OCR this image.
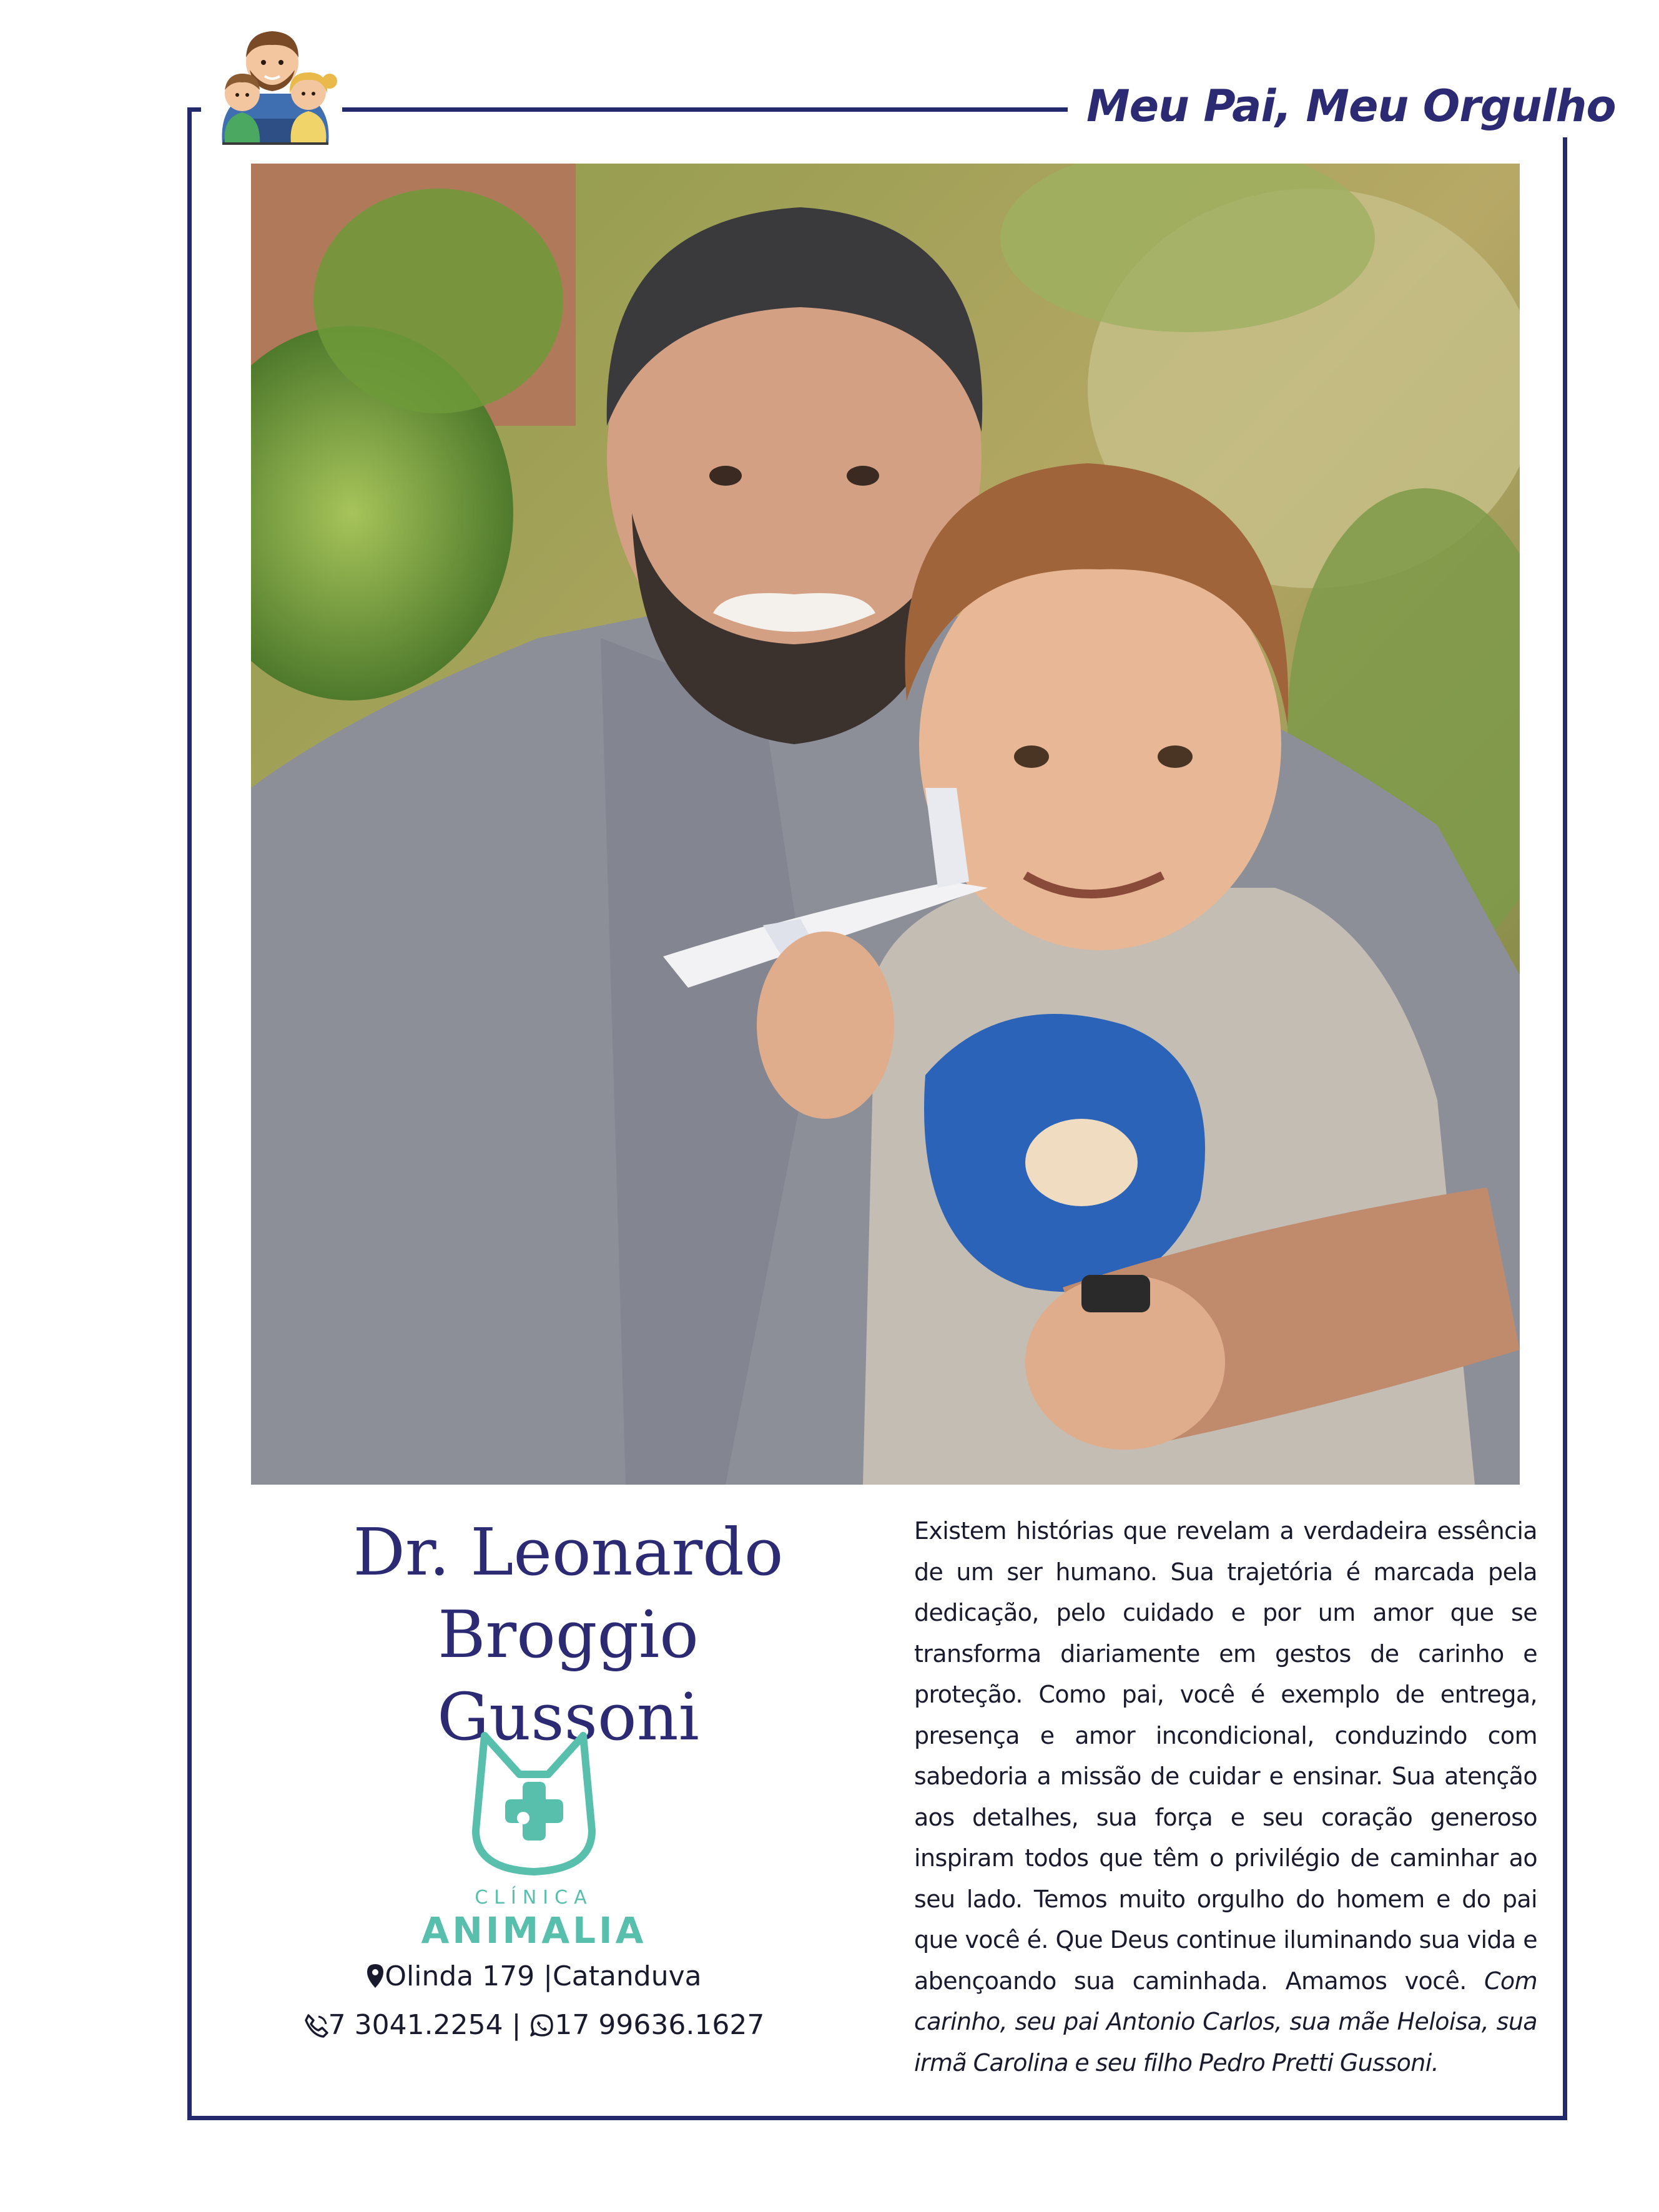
Meu Pai, Meu Orgulho
Dr. Leonardo Broggio
Gussoni
CLÍNICA
ANIMALIA
Olinda 179 |Catanduva
7 3041.2254 | 17 99636.1627
Existem histórias que revelam a verdadeira essência de um ser humano. Sua trajetória é marcada pela dedicação, pelo cuidado e por um amor que se transforma diariamente em gestos de carinho e proteção. Como pai, você é exemplo de entrega, presença e amor incondicional, conduzindo com sabedoria a missão de cuidar e ensinar. Sua atenção aos detalhes, sua força e seu coração generoso inspiram todos que têm o privilégio de caminhar ao seu lado. Temos muito orgulho do homem e do pai que você é. Que Deus continue iluminando sua vida e abençoando sua caminhada. Amamos você. Com carinho, seu pai Antonio Carlos, sua mãe Heloisa, sua irmã Carolina e seu filho Pedro Pretti Gussoni.
